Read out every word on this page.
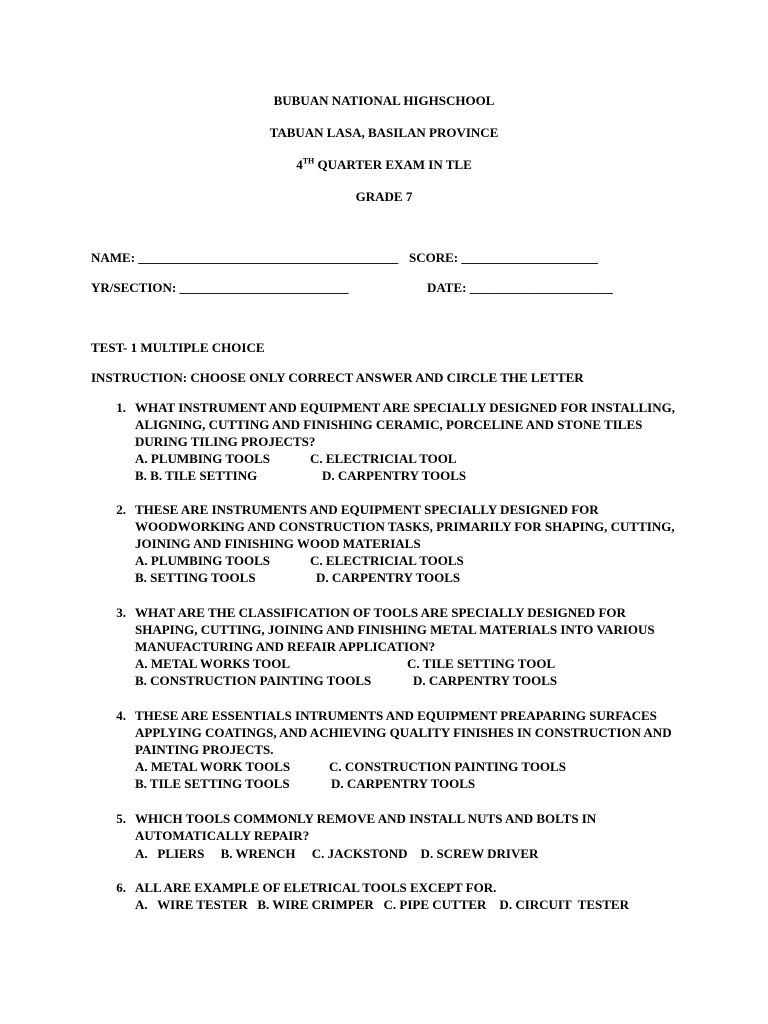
BUBUAN NATIONAL HIGHSCHOOL
TABUAN LASA, BASILAN PROVINCE
4TH QUARTER EXAM IN TLE
GRADE 7
NAME: ________________________________________ SCORE: _____________________
YR/SECTION: __________________________	DATE: ______________________
TEST- 1 MULTIPLE CHOICE
INSTRUCTION: CHOOSE ONLY CORRECT ANSWER AND CIRCLE THE LETTER
1. WHAT INSTRUMENT AND EQUIPMENT ARE SPECIALLY DESIGNED FOR INSTALLING,
ALIGNING, CUTTING AND FINISHING CERAMIC, PORCELINE AND STONE TILES
DURING TILING PROJECTS?
A. PLUMBING TOOLS	C. ELECTRICIAL TOOL
B. B. TILE SETTING	D. CARPENTRY TOOLS
2. THESE ARE INSTRUMENTS AND EQUIPMENT SPECIALLY DESIGNED FOR
WOODWORKING AND CONSTRUCTION TASKS, PRIMARILY FOR SHAPING, CUTTING,
JOINING AND FINISHING WOOD MATERIALS
A. PLUMBING TOOLS	C. ELECTRICIAL TOOLS
B. SETTING TOOLS	D. CARPENTRY TOOLS
3. WHAT ARE THE CLASSIFICATION OF TOOLS ARE SPECIALLY DESIGNED FOR
SHAPING, CUTTING, JOINING AND FINISHING METAL MATERIALS INTO VARIOUS
MANUFACTURING AND REFAIR APPLICATION?
A. METAL WORKS TOOL	C. TILE SETTING TOOL
B. CONSTRUCTION PAINTING TOOLS	D. CARPENTRY TOOLS
4. THESE ARE ESSENTIALS INTRUMENTS AND EQUIPMENT PREAPARING SURFACES
APPLYING COATINGS, AND ACHIEVING QUALITY FINISHES IN CONSTRUCTION AND
PAINTING PROJECTS.
A. METAL WORK TOOLS	C. CONSTRUCTION PAINTING TOOLS
B. TILE SETTING TOOLS	D. CARPENTRY TOOLS
5. WHICH TOOLS COMMONLY REMOVE AND INSTALL NUTS AND BOLTS IN
AUTOMATICALLY REPAIR?
A.   PLIERS     B. WRENCH     C. JACKSTOND    D. SCREW DRIVER
6. ALL ARE EXAMPLE OF ELETRICAL TOOLS EXCEPT FOR.
A.   WIRE TESTER   B. WIRE CRIMPER   C. PIPE CUTTER    D. CIRCUIT  TESTER
